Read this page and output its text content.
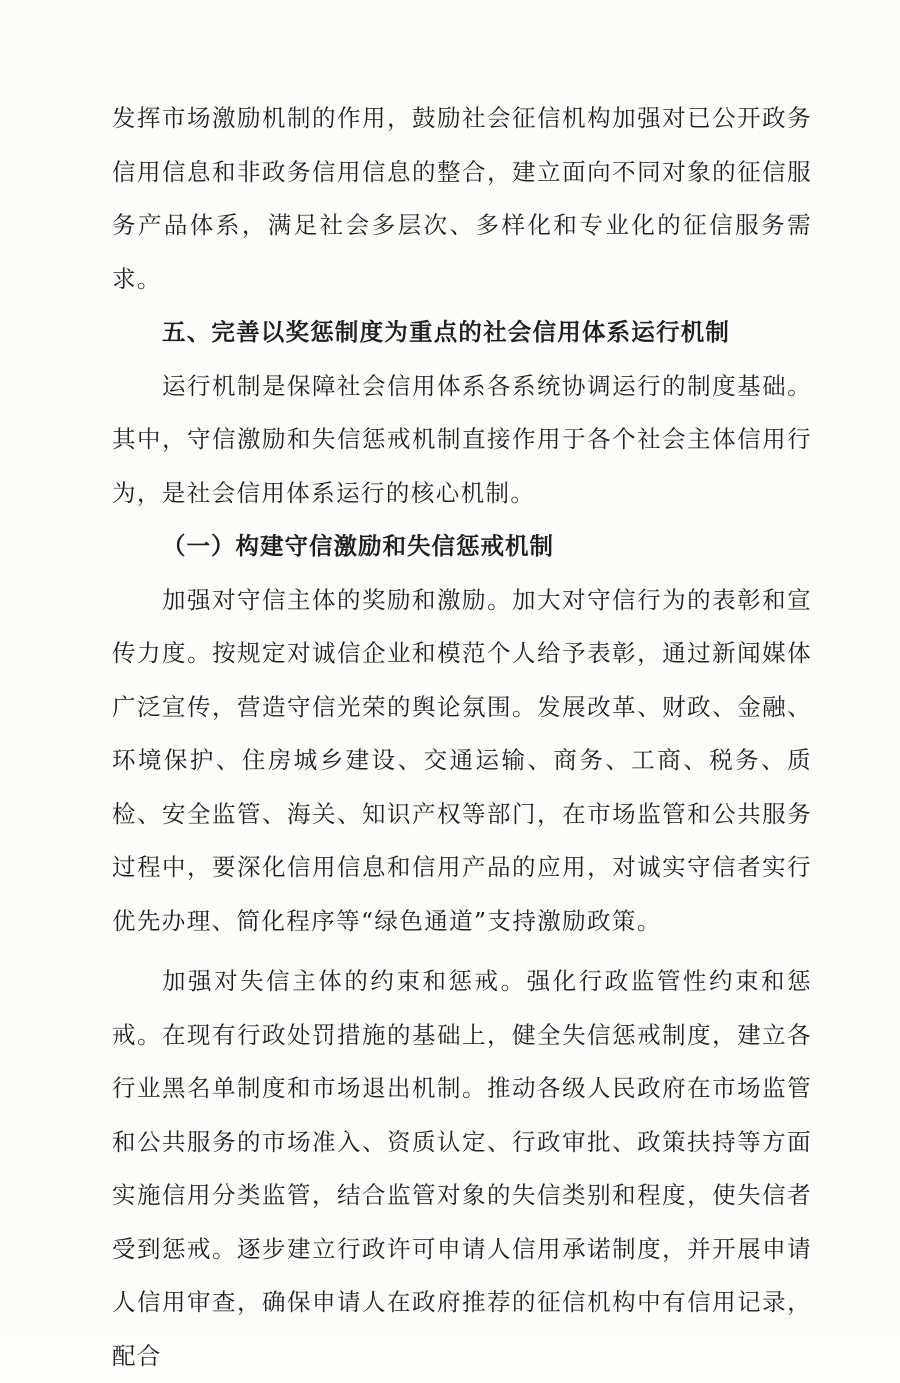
发挥市场激励机制的作用，鼓励社会征信机构加强对已公开政务信用信息和非政务信用信息的整合，建立面向不同对象的征信服务产品体系，满足社会多层次、多样化和专业化的征信服务需求。

五、完善以奖惩制度为重点的社会信用体系运行机制

运行机制是保障社会信用体系各系统协调运行的制度基础。其中，守信激励和失信惩戒机制直接作用于各个社会主体信用行为，是社会信用体系运行的核心机制。

（一）构建守信激励和失信惩戒机制

加强对守信主体的奖励和激励。加大对守信行为的表彰和宣传力度。按规定对诚信企业和模范个人给予表彰，通过新闻媒体广泛宣传，营造守信光荣的舆论氛围。发展改革、财政、金融、环境保护、住房城乡建设、交通运输、商务、工商、税务、质检、安全监管、海关、知识产权等部门，在市场监管和公共服务过程中，要深化信用信息和信用产品的应用，对诚实守信者实行优先办理、简化程序等“绿色通道”支持激励政策。

加强对失信主体的约束和惩戒。强化行政监管性约束和惩戒。在现有行政处罚措施的基础上，健全失信惩戒制度，建立各行业黑名单制度和市场退出机制。推动各级人民政府在市场监管和公共服务的市场准入、资质认定、行政审批、政策扶持等方面实施信用分类监管，结合监管对象的失信类别和程度，使失信者受到惩戒。逐步建立行政许可申请人信用承诺制度，并开展申请人信用审查，确保申请人在政府推荐的征信机构中有信用记录，配合
